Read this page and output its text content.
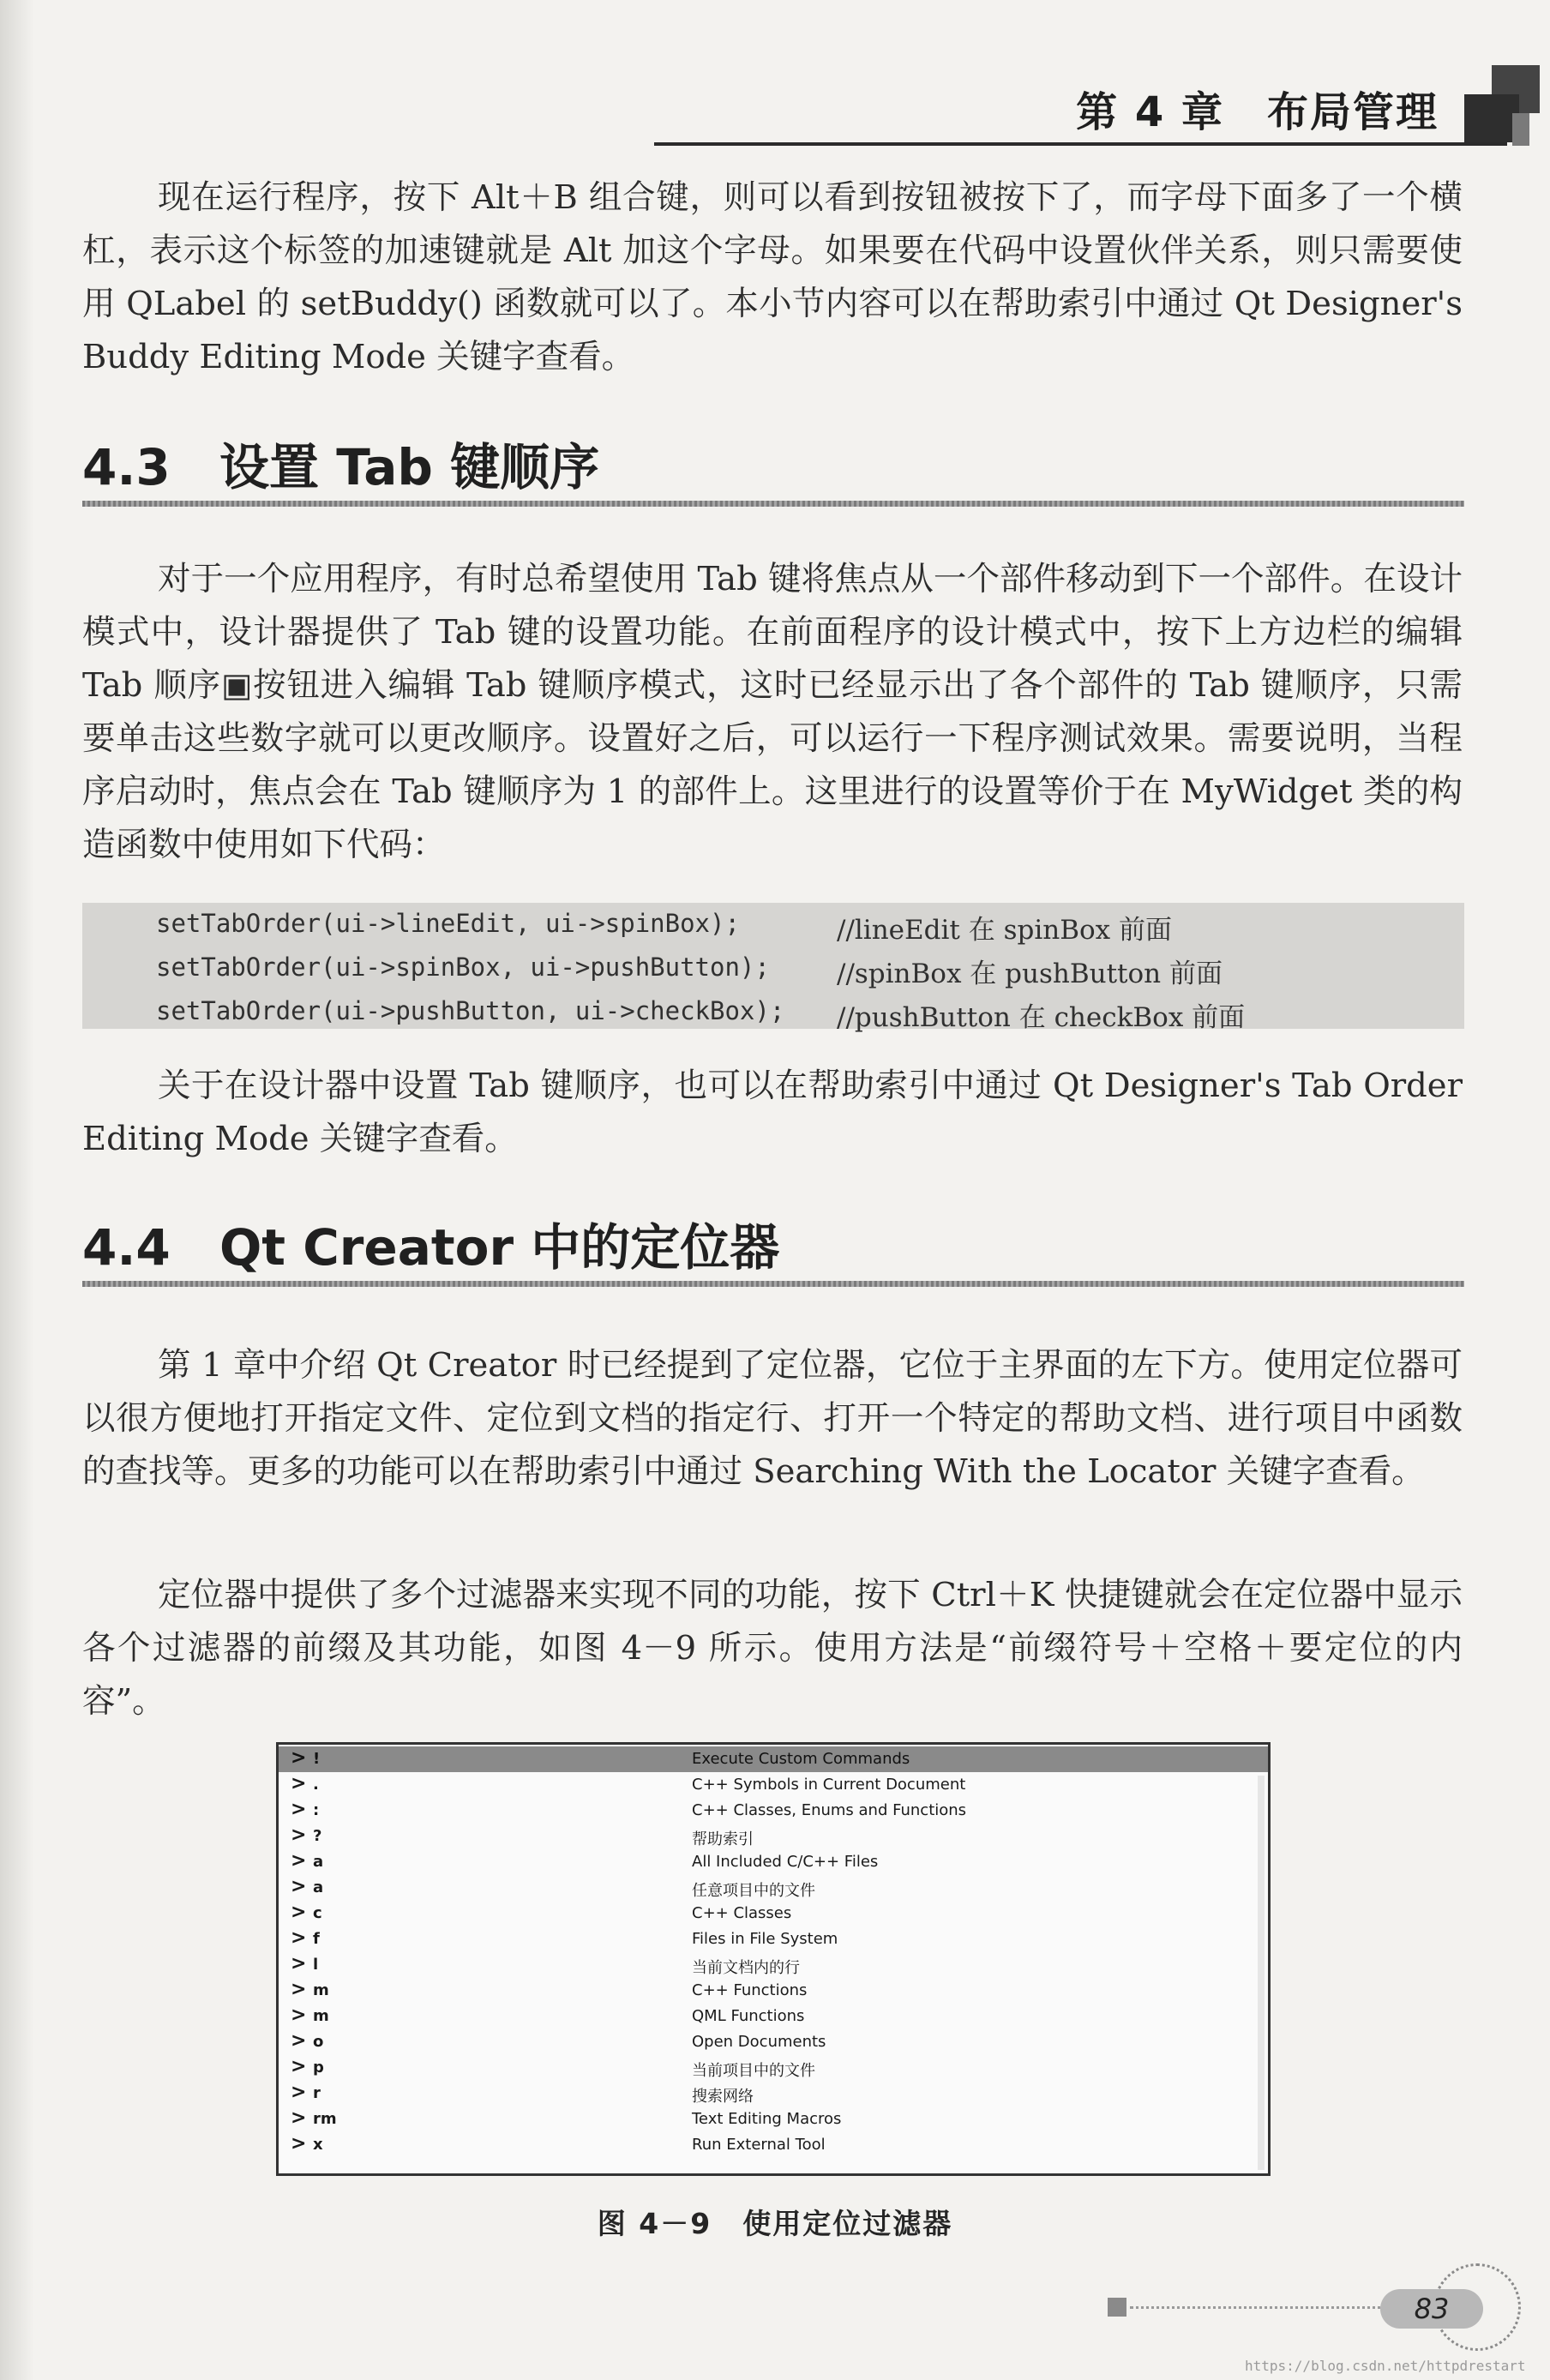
第 4 章 布局管理
现在运行程序，按下 Alt＋B 组合键，则可以看到按钮被按下了，而字母下面多了一个横杠，表示这个标签的加速键就是 Alt 加这个字母。如果要在代码中设置伙伴关系，则只需要使用 QLabel 的 setBuddy() 函数就可以了。本小节内容可以在帮助索引中通过 Qt Designer's Buddy Editing Mode 关键字查看。
4.3 设置 Tab 键顺序
对于一个应用程序，有时总希望使用 Tab 键将焦点从一个部件移动到下一个部件。在设计模式中，设计器提供了 Tab 键的设置功能。在前面程序的设计模式中，按下上方边栏的编辑 Tab 顺序▣按钮进入编辑 Tab 键顺序模式，这时已经显示出了各个部件的 Tab 键顺序，只需要单击这些数字就可以更改顺序。设置好之后，可以运行一下程序测试效果。需要说明，当程序启动时，焦点会在 Tab 键顺序为 1 的部件上。这里进行的设置等价于在 MyWidget 类的构造函数中使用如下代码：
setTabOrder(ui->lineEdit, ui->spinBox);	//lineEdit 在 spinBox 前面
setTabOrder(ui->spinBox, ui->pushButton);	//spinBox 在 pushButton 前面
setTabOrder(ui->pushButton, ui->checkBox); //pushButton 在 checkBox 前面
关于在设计器中设置 Tab 键顺序，也可以在帮助索引中通过 Qt Designer's Tab Order Editing Mode 关键字查看。
4.4 Qt Creator 中的定位器
第 1 章中介绍 Qt Creator 时已经提到了定位器，它位于主界面的左下方。使用定位器可以很方便地打开指定文件、定位到文档的指定行、打开一个特定的帮助文档、进行项目中函数的查找等。更多的功能可以在帮助索引中通过 Searching With the Locator 关键字查看。
定位器中提供了多个过滤器来实现不同的功能，按下 Ctrl＋K 快捷键就会在定位器中显示各个过滤器的前缀及其功能，如图 4－9 所示。使用方法是“前缀符号＋空格＋要定位的内容”。
> !	Execute Custom Commands
> .	C++ Symbols in Current Document
> :	C++ Classes, Enums and Functions
> ?	帮助索引
> a	All Included C/C++ Files
> a	任意项目中的文件
> c	C++ Classes
> f	Files in File System
> l	当前文档内的行
> m	C++ Functions
> m	QML Functions
> o	Open Documents
> p	当前项目中的文件
> r	搜索网络
> rm	Text Editing Macros
> x	Run External Tool
图 4－9 使用定位过滤器
83
https://blog.csdn.net/httpdrestart
